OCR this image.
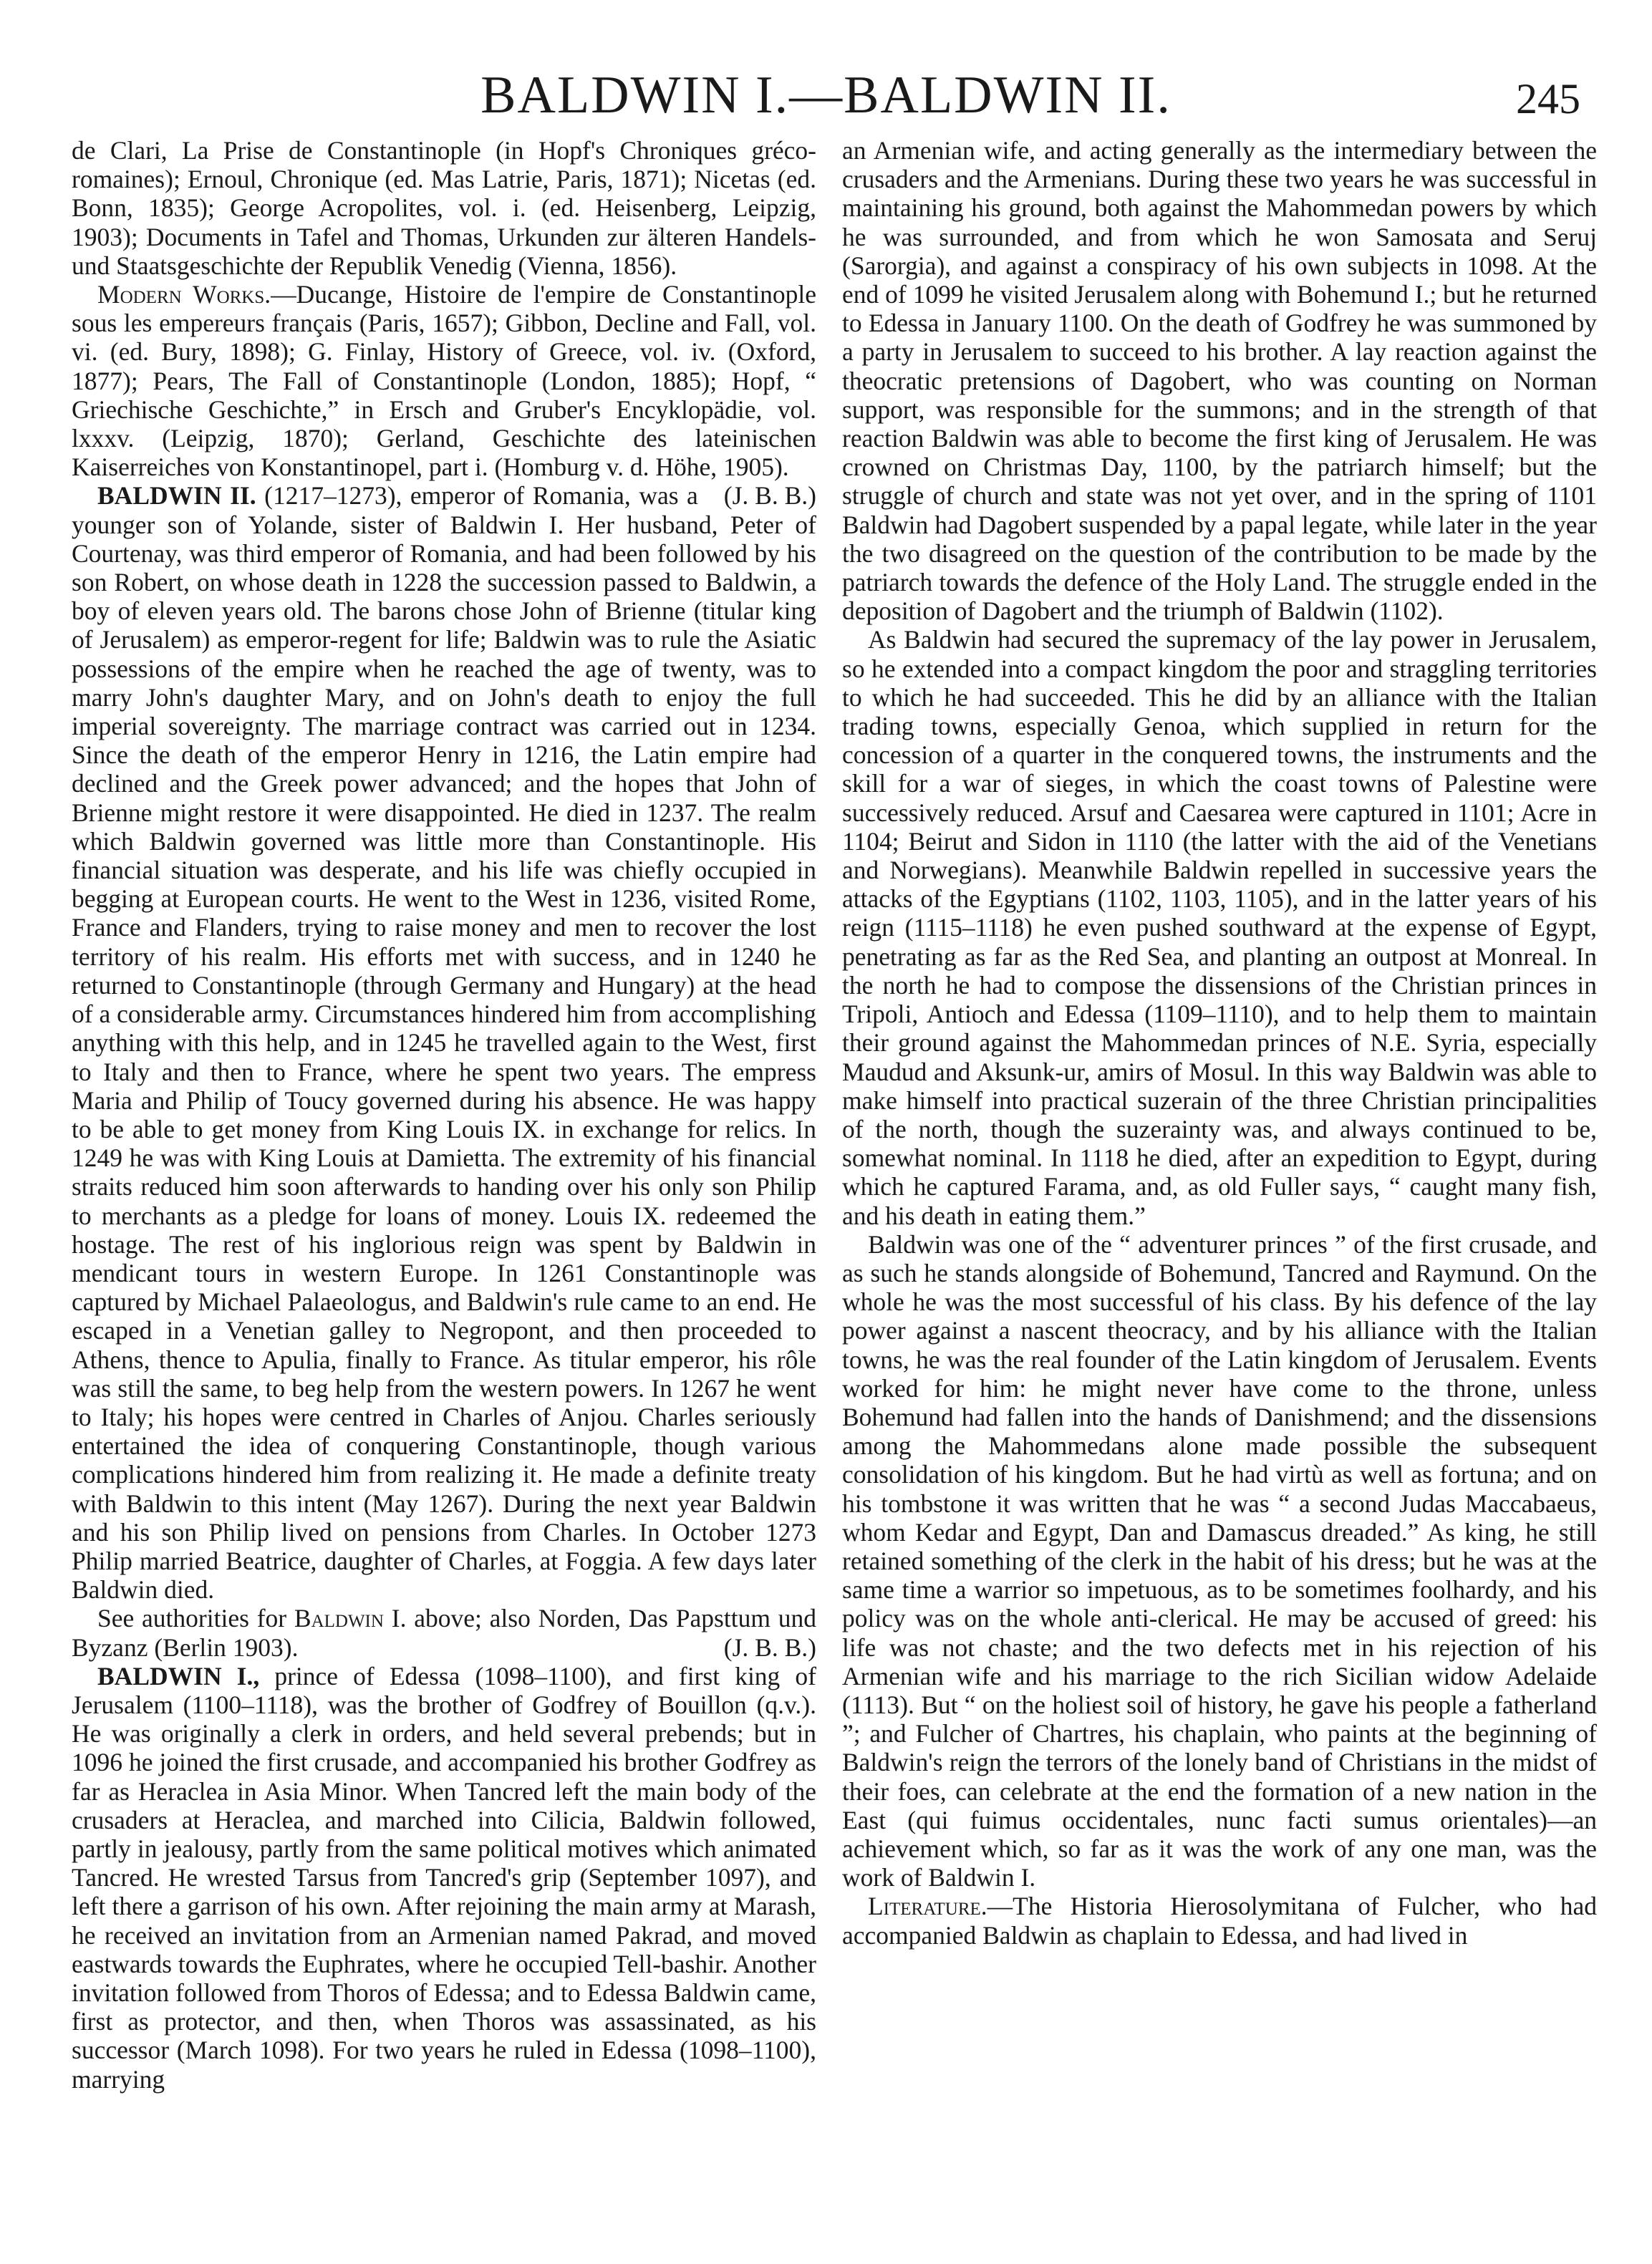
BALDWIN I.—BALDWIN II.	245

de Clari, La Prise de Constantinople (in Hopf's Chroniques gréco-romaines); Ernoul, Chronique (ed. Mas Latrie, Paris, 1871); Nicetas (ed. Bonn, 1835); George Acropolites, vol. i. (ed. Heisenberg, Leipzig, 1903); Documents in Tafel and Thomas, Urkunden zur älteren Handels- und Staatsgeschichte der Republik Venedig (Vienna, 1856).

Modern Works.—Ducange, Histoire de l'empire de Constantinople sous les empereurs français (Paris, 1657); Gibbon, Decline and Fall, vol. vi. (ed. Bury, 1898); G. Finlay, History of Greece, vol. iv. (Oxford, 1877); Pears, The Fall of Constantinople (London, 1885); Hopf, “ Griechische Geschichte,” in Ersch and Gruber's Encyklopädie, vol. lxxxv. (Leipzig, 1870); Gerland, Geschichte des lateinischen Kaiserreiches von Konstantinopel, part i. (Homburg v. d. Höhe, 1905).
(J. B. B.)

BALDWIN II. (1217–1273), emperor of Romania, was a younger son of Yolande, sister of Baldwin I. Her husband, Peter of Courtenay, was third emperor of Romania, and had been followed by his son Robert, on whose death in 1228 the succession passed to Baldwin, a boy of eleven years old. The barons chose John of Brienne (titular king of Jerusalem) as emperor-regent for life; Baldwin was to rule the Asiatic possessions of the empire when he reached the age of twenty, was to marry John's daughter Mary, and on John's death to enjoy the full imperial sovereignty. The marriage contract was carried out in 1234. Since the death of the emperor Henry in 1216, the Latin empire had declined and the Greek power advanced; and the hopes that John of Brienne might restore it were disappointed. He died in 1237. The realm which Baldwin governed was little more than Constantinople. His financial situation was desperate, and his life was chiefly occupied in begging at European courts. He went to the West in 1236, visited Rome, France and Flanders, trying to raise money and men to recover the lost territory of his realm. His efforts met with success, and in 1240 he returned to Constantinople (through Germany and Hungary) at the head of a considerable army. Circumstances hindered him from accomplishing anything with this help, and in 1245 he travelled again to the West, first to Italy and then to France, where he spent two years. The empress Maria and Philip of Toucy governed during his absence. He was happy to be able to get money from King Louis IX. in exchange for relics. In 1249 he was with King Louis at Damietta. The extremity of his financial straits reduced him soon afterwards to handing over his only son Philip to merchants as a pledge for loans of money. Louis IX. redeemed the hostage. The rest of his inglorious reign was spent by Baldwin in mendicant tours in western Europe. In 1261 Constantinople was captured by Michael Palaeologus, and Baldwin's rule came to an end. He escaped in a Venetian galley to Negropont, and then proceeded to Athens, thence to Apulia, finally to France. As titular emperor, his rôle was still the same, to beg help from the western powers. In 1267 he went to Italy; his hopes were centred in Charles of Anjou. Charles seriously entertained the idea of conquering Constantinople, though various complications hindered him from realizing it. He made a definite treaty with Baldwin to this intent (May 1267). During the next year Baldwin and his son Philip lived on pensions from Charles. In October 1273 Philip married Beatrice, daughter of Charles, at Foggia. A few days later Baldwin died.

See authorities for Baldwin I. above; also Norden, Das Papsttum und Byzanz (Berlin 1903).	(J. B. B.)

BALDWIN I., prince of Edessa (1098–1100), and first king of Jerusalem (1100–1118), was the brother of Godfrey of Bouillon (q.v.). He was originally a clerk in orders, and held several prebends; but in 1096 he joined the first crusade, and accompanied his brother Godfrey as far as Heraclea in Asia Minor. When Tancred left the main body of the crusaders at Heraclea, and marched into Cilicia, Baldwin followed, partly in jealousy, partly from the same political motives which animated Tancred. He wrested Tarsus from Tancred's grip (September 1097), and left there a garrison of his own. After rejoining the main army at Marash, he received an invitation from an Armenian named Pakrad, and moved eastwards towards the Euphrates, where he occupied Tell-bashir. Another invitation followed from Thoros of Edessa; and to Edessa Baldwin came, first as protector, and then, when Thoros was assassinated, as his successor (March 1098). For two years he ruled in Edessa (1098–1100), marrying

an Armenian wife, and acting generally as the intermediary between the crusaders and the Armenians. During these two years he was successful in maintaining his ground, both against the Mahommedan powers by which he was surrounded, and from which he won Samosata and Seruj (Sarorgia), and against a conspiracy of his own subjects in 1098. At the end of 1099 he visited Jerusalem along with Bohemund I.; but he returned to Edessa in January 1100. On the death of Godfrey he was summoned by a party in Jerusalem to succeed to his brother. A lay reaction against the theocratic pretensions of Dagobert, who was counting on Norman support, was responsible for the summons; and in the strength of that reaction Baldwin was able to become the first king of Jerusalem. He was crowned on Christmas Day, 1100, by the patriarch himself; but the struggle of church and state was not yet over, and in the spring of 1101 Baldwin had Dagobert suspended by a papal legate, while later in the year the two disagreed on the question of the contribution to be made by the patriarch towards the defence of the Holy Land. The struggle ended in the deposition of Dagobert and the triumph of Baldwin (1102).

As Baldwin had secured the supremacy of the lay power in Jerusalem, so he extended into a compact kingdom the poor and straggling territories to which he had succeeded. This he did by an alliance with the Italian trading towns, especially Genoa, which supplied in return for the concession of a quarter in the conquered towns, the instruments and the skill for a war of sieges, in which the coast towns of Palestine were successively reduced. Arsuf and Caesarea were captured in 1101; Acre in 1104; Beirut and Sidon in 1110 (the latter with the aid of the Venetians and Norwegians). Meanwhile Baldwin repelled in successive years the attacks of the Egyptians (1102, 1103, 1105), and in the latter years of his reign (1115–1118) he even pushed southward at the expense of Egypt, penetrating as far as the Red Sea, and planting an outpost at Monreal. In the north he had to compose the dissensions of the Christian princes in Tripoli, Antioch and Edessa (1109–1110), and to help them to maintain their ground against the Mahommedan princes of N.E. Syria, especially Maudud and Aksunk-ur, amirs of Mosul. In this way Baldwin was able to make himself into practical suzerain of the three Christian principalities of the north, though the suzerainty was, and always continued to be, somewhat nominal. In 1118 he died, after an expedition to Egypt, during which he captured Farama, and, as old Fuller says, “ caught many fish, and his death in eating them.”

Baldwin was one of the “ adventurer princes ” of the first crusade, and as such he stands alongside of Bohemund, Tancred and Raymund. On the whole he was the most successful of his class. By his defence of the lay power against a nascent theocracy, and by his alliance with the Italian towns, he was the real founder of the Latin kingdom of Jerusalem. Events worked for him: he might never have come to the throne, unless Bohemund had fallen into the hands of Danishmend; and the dissensions among the Mahommedans alone made possible the subsequent consolidation of his kingdom. But he had virtù as well as fortuna; and on his tombstone it was written that he was “ a second Judas Maccabaeus, whom Kedar and Egypt, Dan and Damascus dreaded.” As king, he still retained something of the clerk in the habit of his dress; but he was at the same time a warrior so impetuous, as to be sometimes foolhardy, and his policy was on the whole anti-clerical. He may be accused of greed: his life was not chaste; and the two defects met in his rejection of his Armenian wife and his marriage to the rich Sicilian widow Adelaide (1113). But “ on the holiest soil of history, he gave his people a fatherland ”; and Fulcher of Chartres, his chaplain, who paints at the beginning of Baldwin's reign the terrors of the lonely band of Christians in the midst of their foes, can celebrate at the end the formation of a new nation in the East (qui fuimus occidentales, nunc facti sumus orientales)—an achievement which, so far as it was the work of any one man, was the work of Baldwin I.

Literature.—The Historia Hierosolymitana of Fulcher, who had accompanied Baldwin as chaplain to Edessa, and had lived in
